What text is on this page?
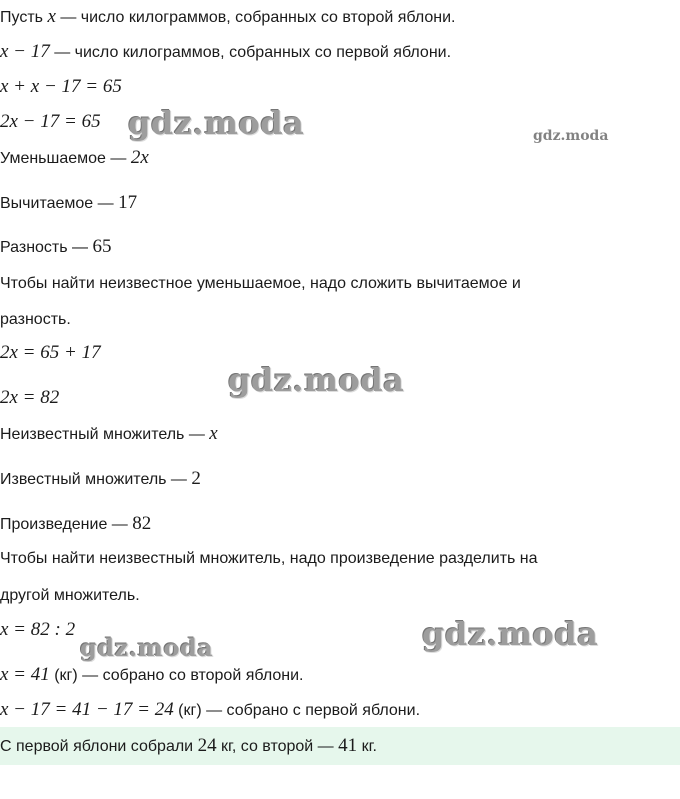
Пусть x — число килограммов, собранных со второй яблони.
x − 17 — число килограммов, собранных со первой яблони.
x + x − 17 = 65
2x − 17 = 65
Уменьшаемое — 2x
Вычитаемое — 17
Разность — 65
Чтобы найти неизвестное уменьшаемое, надо сложить вычитаемое и
разность.
2x = 65 + 17
2x = 82
Неизвестный множитель — x
Известный множитель — 2
Произведение — 82
Чтобы найти неизвестный множитель, надо произведение разделить на
другой множитель.
x = 82 : 2
x = 41 (кг) — собрано со второй яблони.
x − 17 = 41 − 17 = 24 (кг) — собрано с первой яблони.
С первой яблони собрали 24 кг, со второй — 41 кг.
gdz.moda	gdz.moda
gdz.moda
gdz.moda
gdz.moda
